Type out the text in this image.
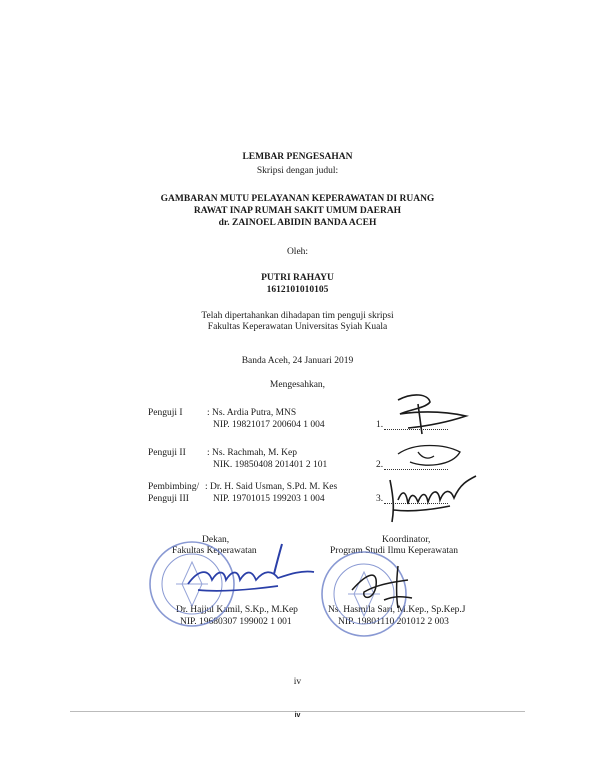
LEMBAR PENGESAHAN
Skripsi dengan judul:
GAMBARAN MUTU PELAYANAN KEPERAWATAN DI RUANG
RAWAT INAP RUMAH SAKIT UMUM DAERAH
dr. ZAINOEL ABIDIN BANDA ACEH
Oleh:
PUTRI RAHAYU
1612101010105
Telah dipertahankan dihadapan tim penguji skripsi
Fakultas Keperawatan Universitas Syiah Kuala
Banda Aceh, 24 Januari 2019
Mengesahkan,
Penguji I	: Ns. Ardia Putra, MNS
NIP. 19821017 200604 1 004	1.
Penguji II : Ns. Rachmah, M. Kep
NIK. 19850408 201401 2 101	2.
Pembimbing/
Penguji III
: Dr. H. Said Usman, S.Pd. M. Kes
NIP. 19701015 199203 1 004	3.
Dekan,
Fakultas Keperawatan
Dr. Hajjul Kamil, S.Kp., M.Kep
NIP. 19680307 199002 1 001
Koordinator,
Program Studi Ilmu Keperawatan
Ns. Hasmila Sari, M.Kep., Sp.Kep.J
NIP. 19801110 201012 2 003
iv
iv
